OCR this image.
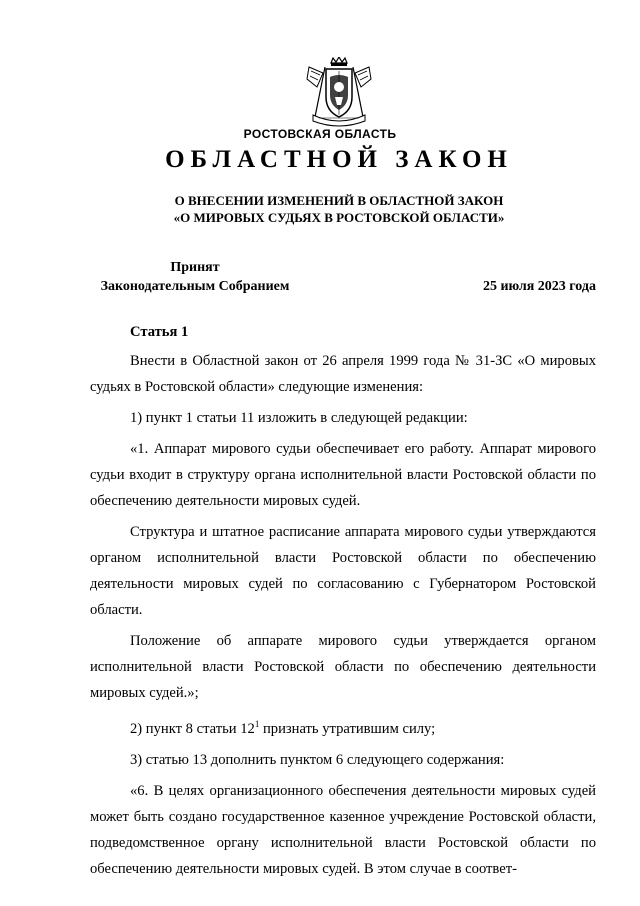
РОСТОВСКАЯ ОБЛАСТЬ
ОБЛАСТНОЙ ЗАКОН
О ВНЕСЕНИИ ИЗМЕНЕНИЙ В ОБЛАСТНОЙ ЗАКОН
«О МИРОВЫХ СУДЬЯХ В РОСТОВСКОЙ ОБЛАСТИ»
Принят
Законодательным Собранием	25 июля 2023 года

Статья 1

Внести в Областной закон от 26 апреля 1999 года № 31-ЗС «О мировых судьях в Ростовской области» следующие изменения:

1) пункт 1 статьи 11 изложить в следующей редакции:

«1. Аппарат мирового судьи обеспечивает его работу. Аппарат мирового судьи входит в структуру органа исполнительной власти Ростовской области по обеспечению деятельности мировых судей.

Структура и штатное расписание аппарата мирового судьи утверждаются органом исполнительной власти Ростовской области по обеспечению деятельности мировых судей по согласованию с Губернатором Ростовской области.

Положение об аппарате мирового судьи утверждается органом исполнительной власти Ростовской области по обеспечению деятельности мировых судей.»;

2) пункт 8 статьи $12^1$ признать утратившим силу;

3) статью 13 дополнить пунктом 6 следующего содержания:

«6. В целях организационного обеспечения деятельности мировых судей может быть создано государственное казенное учреждение Ростовской области, подведомственное органу исполнительной власти Ростовской области по обеспечению деятельности мировых судей. В этом случае в соответ-
